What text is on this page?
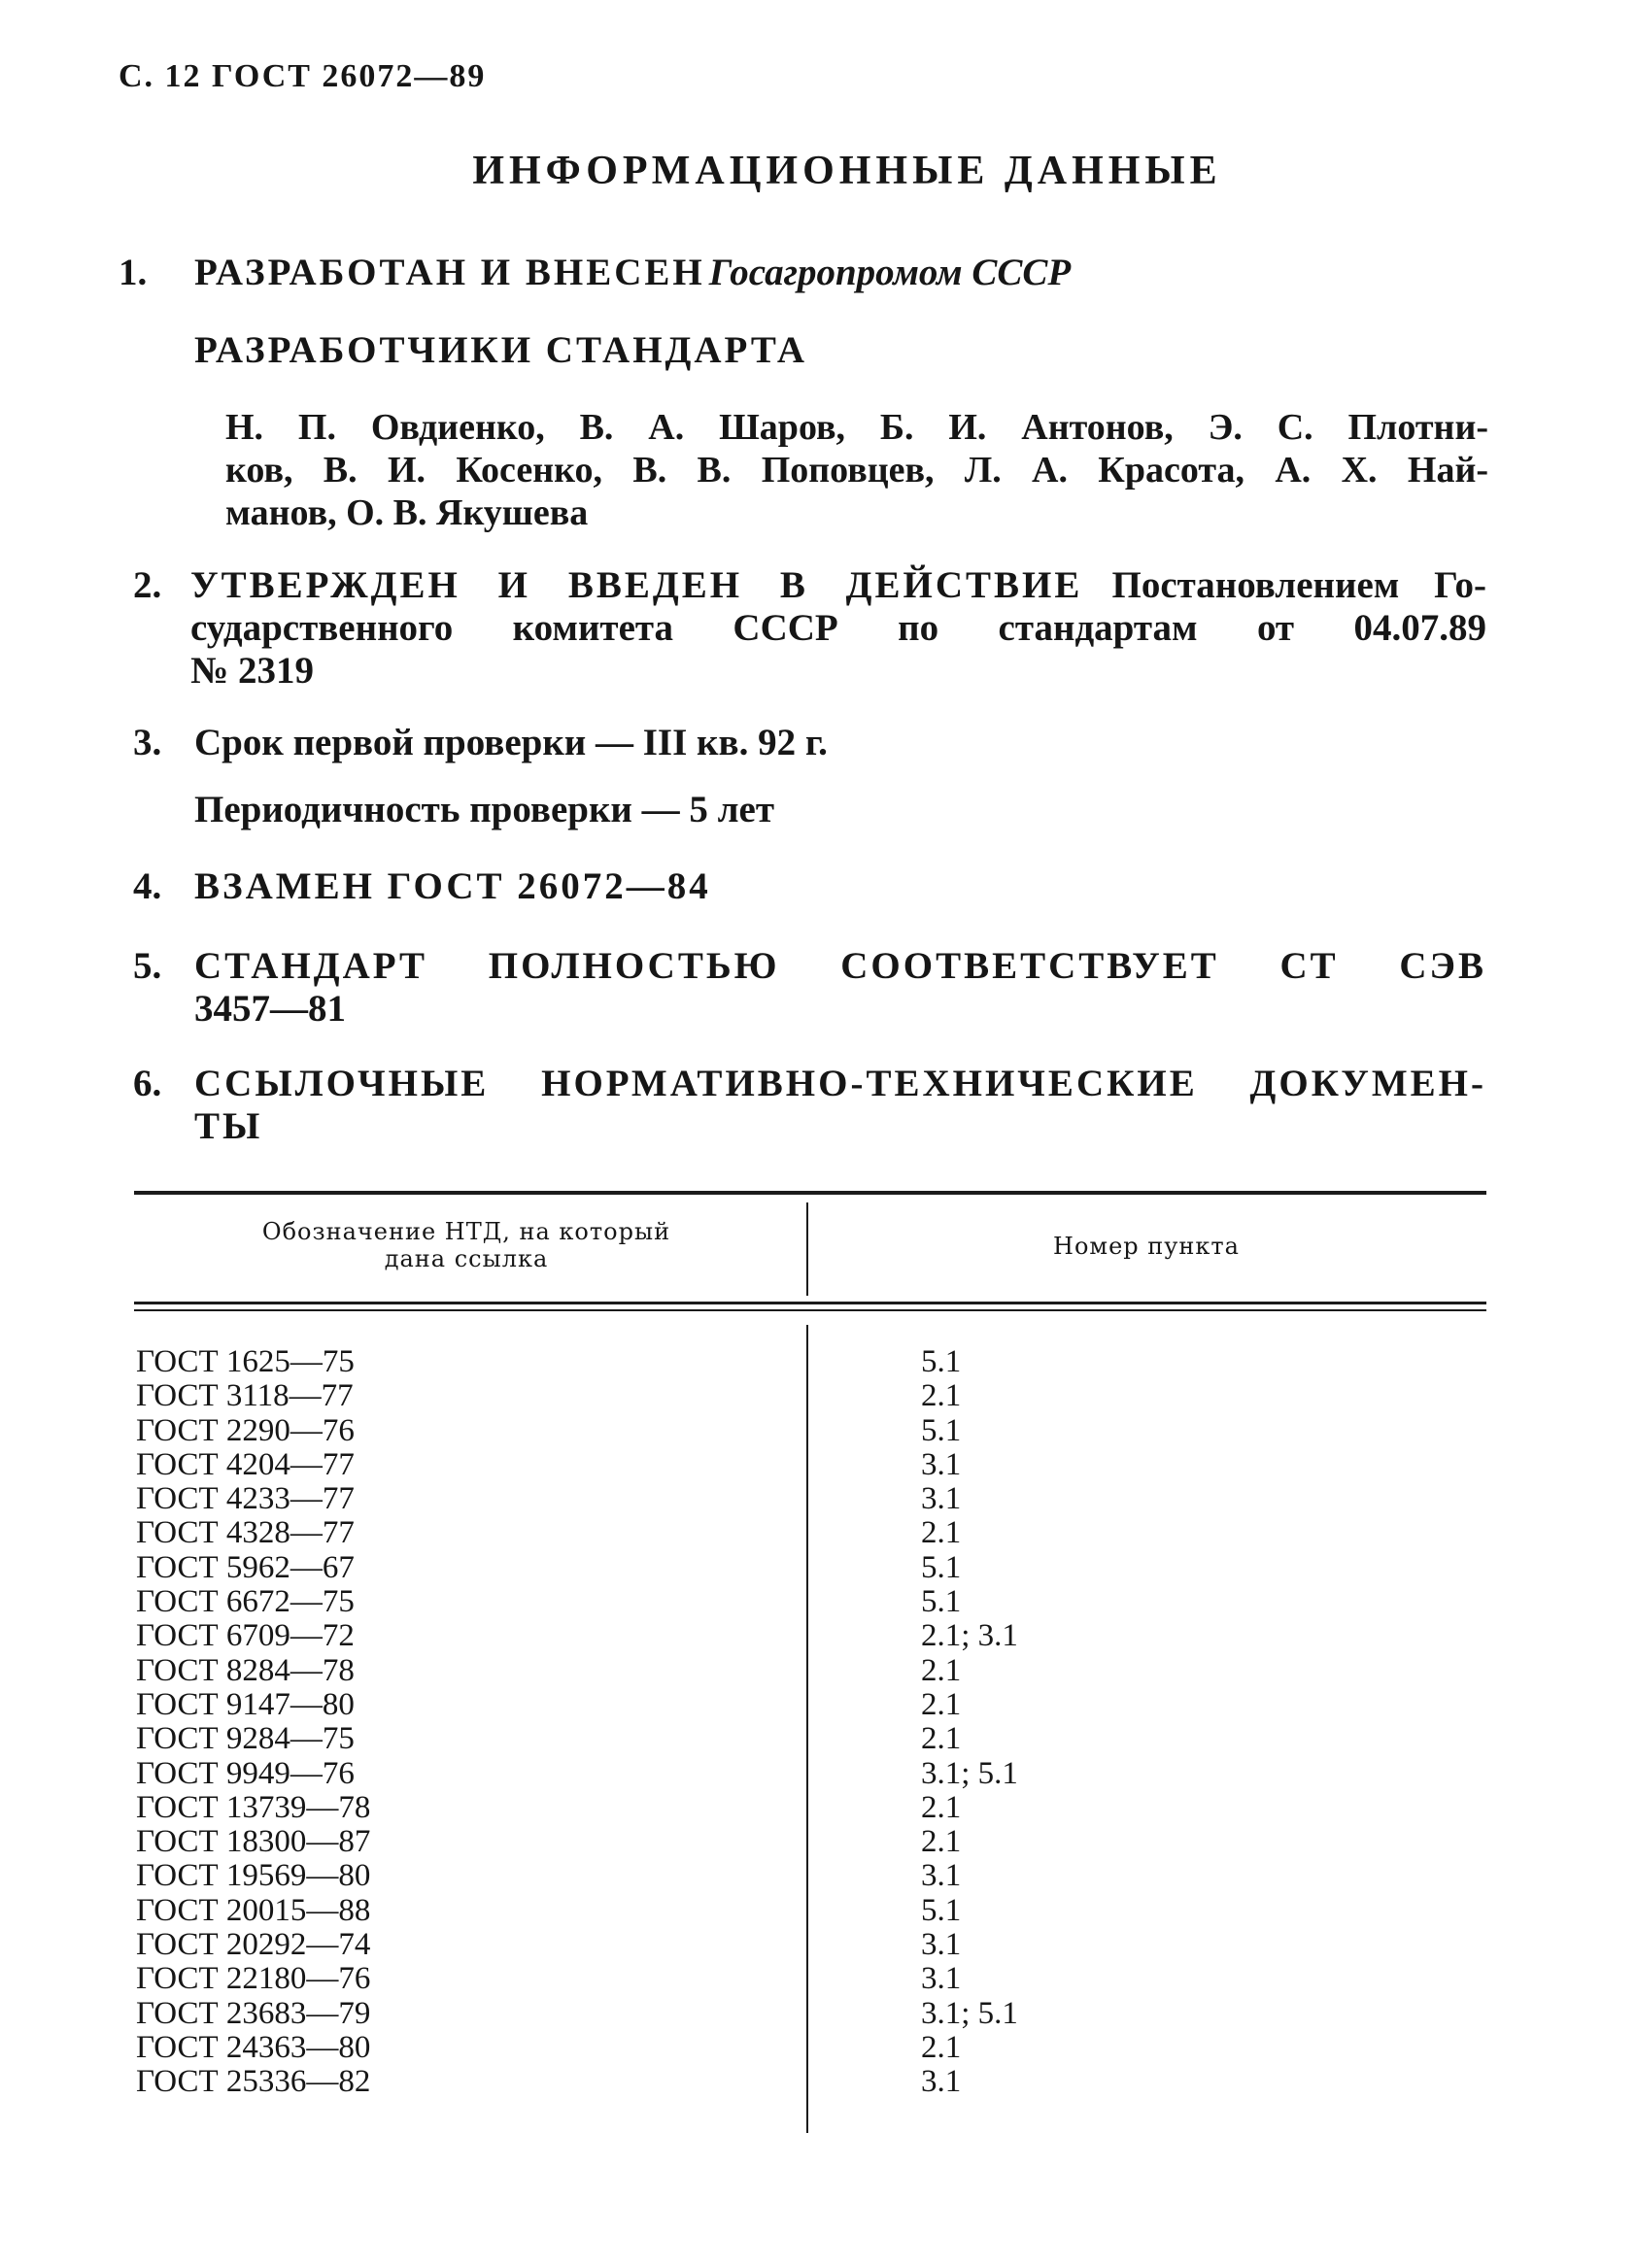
С. 12 ГОСТ 26072—89
ИНФОРМАЦИОННЫЕ ДАННЫЕ
1. РАЗРАБОТАН И ВНЕСЕН Госагропромом СССР
РАЗРАБОТЧИКИ СТАНДАРТА
Н. П. Овдиенко, В. А. Шаров, Б. И. Антонов, Э. С. Плотни-
ков, В. И. Косенко, В. В. Поповцев, Л. А. Красота, А. Х. Най-
манов, О. В. Якушева
2. УТВЕРЖДЕН И ВВЕДЕН В ДЕЙСТВИЕ Постановлением Го-
сударственного комитета СССР по стандартам от 04.07.89
№ 2319
3. Срок первой проверки — III кв. 92 г.
Периодичность проверки — 5 лет
4. ВЗАМЕН ГОСТ 26072—84
5. СТАНДАРТ ПОЛНОСТЬЮ СООТВЕТСТВУЕТ СТ СЭВ
3457—81
6. ССЫЛОЧНЫЕ НОРМАТИВНО-ТЕХНИЧЕСКИЕ ДОКУМЕН-
ТЫ
Обозначение НТД, на который
дана ссылка	Номер пункта
ГОСТ 1625—75
ГОСТ 3118—77
ГОСТ 2290—76
ГОСТ 4204—77
ГОСТ 4233—77
ГОСТ 4328—77
ГОСТ 5962—67
ГОСТ 6672—75
ГОСТ 6709—72
ГОСТ 8284—78
ГОСТ 9147—80
ГОСТ 9284—75
ГОСТ 9949—76
ГОСТ 13739—78
ГОСТ 18300—87
ГОСТ 19569—80
ГОСТ 20015—88
ГОСТ 20292—74
ГОСТ 22180—76
ГОСТ 23683—79
ГОСТ 24363—80
ГОСТ 25336—82
5.1
2.1
5.1
3.1
3.1
2.1
5.1
5.1
2.1; 3.1
2.1
2.1
2.1
3.1; 5.1
2.1
2.1
3.1
5.1
3.1
3.1
3.1; 5.1
2.1
3.1
